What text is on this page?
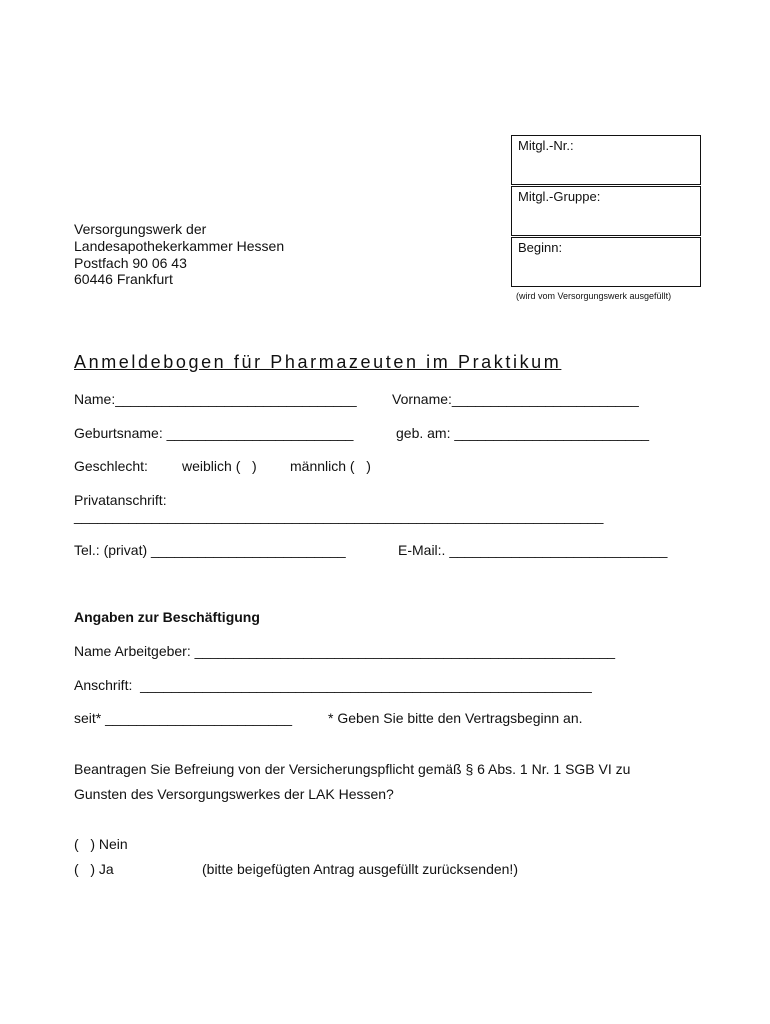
Mitgl.-Nr.:
Mitgl.-Gruppe:
Beginn:
(wird vom Versorgungswerk ausgefüllt)
Versorgungswerk der
Landesapothekerkammer Hessen
Postfach 90 06 43
60446 Frankfurt
Anmeldebogen für Pharmazeuten im Praktikum
Name:_______________________________	Vorname:________________________
Geburtsname: ________________________	geb. am: _________________________
Geschlecht: weiblich (   ) männlich (   )
Privatanschrift:
____________________________________________________________________
Tel.: (privat) _________________________	E-Mail:. ____________________________
Angaben zur Beschäftigung
Name Arbeitgeber: ______________________________________________________
Anschrift:  __________________________________________________________
seit* ________________________	* Geben Sie bitte den Vertragsbeginn an.
Beantragen Sie Befreiung von der Versicherungspflicht gemäß § 6 Abs. 1 Nr. 1 SGB VI zu
Gunsten des Versorgungswerkes der LAK Hessen?
(   ) Nein
(   ) Ja	(bitte beigefügten Antrag ausgefüllt zurücksenden!)
